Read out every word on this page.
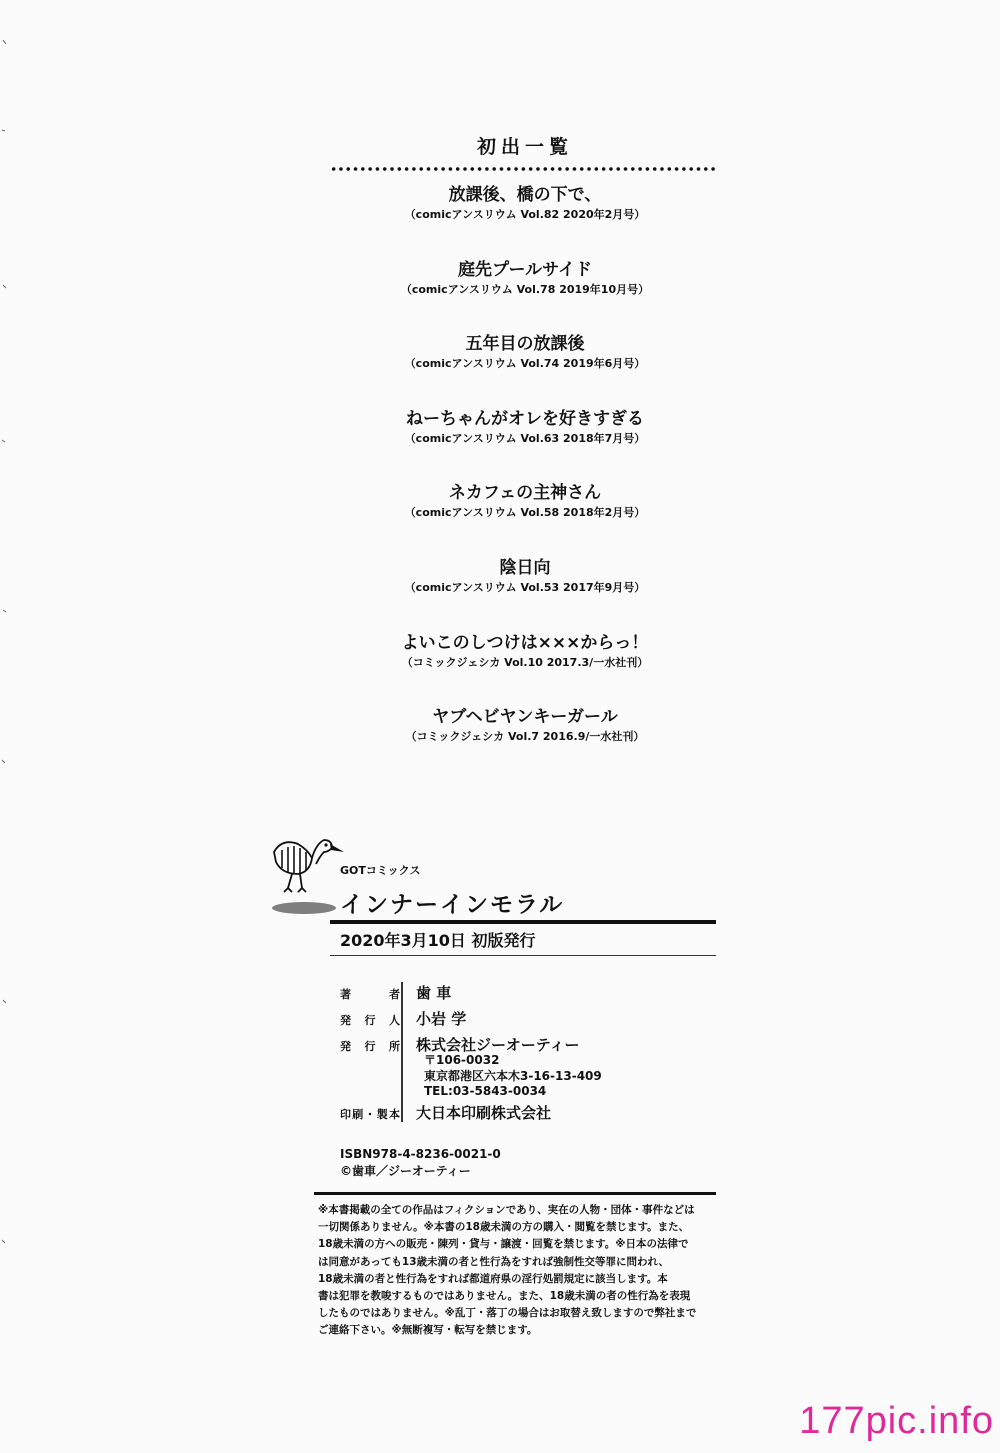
初出一覧
放課後、橋の下で、
（comicアンスリウム Vol.82 2020年2月号）
庭先プールサイド
（comicアンスリウム Vol.78 2019年10月号）
五年目の放課後
（comicアンスリウム Vol.74 2019年6月号）
ねーちゃんがオレを好きすぎる
（comicアンスリウム Vol.63 2018年7月号）
ネカフェの主神さん
（comicアンスリウム Vol.58 2018年2月号）
陰日向
（comicアンスリウム Vol.53 2017年9月号）
よいこのしつけは×××からっ！
（コミックジェシカ Vol.10 2017.3/一水社刊）
ヤブヘビヤンキーガール
（コミックジェシカ Vol.7 2016.9/一水社刊）
GOTコミックス
インナーインモラル
2020年3月10日 初版発行
著者 歯 車
発行人 小岩 学
発行所 株式会社ジーオーティー
〒106-0032
東京都港区六本木3-16-13-409
TEL:03-5843-0034
印刷・製本 大日本印刷株式会社
ISBN978-4-8236-0021-0
©歯車／ジーオーティー
※本書掲載の全ての作品はフィクションであり、実在の人物・団体・事件などは
一切関係ありません。※本書の18歳未満の方の購入・閲覧を禁じます。また、
18歳未満の方への販売・陳列・貸与・譲渡・回覧を禁じます。※日本の法律で
は同意があっても13歳未満の者と性行為をすれば強制性交等罪に問われ、
18歳未満の者と性行為をすれば都道府県の淫行処罰規定に該当します。本
書は犯罪を教唆するものではありません。また、18歳未満の者の性行為を表現
したものではありません。※乱丁・落丁の場合はお取替え致しますので弊社まで
ご連絡下さい。※無断複写・転写を禁じます。
177pic.info
